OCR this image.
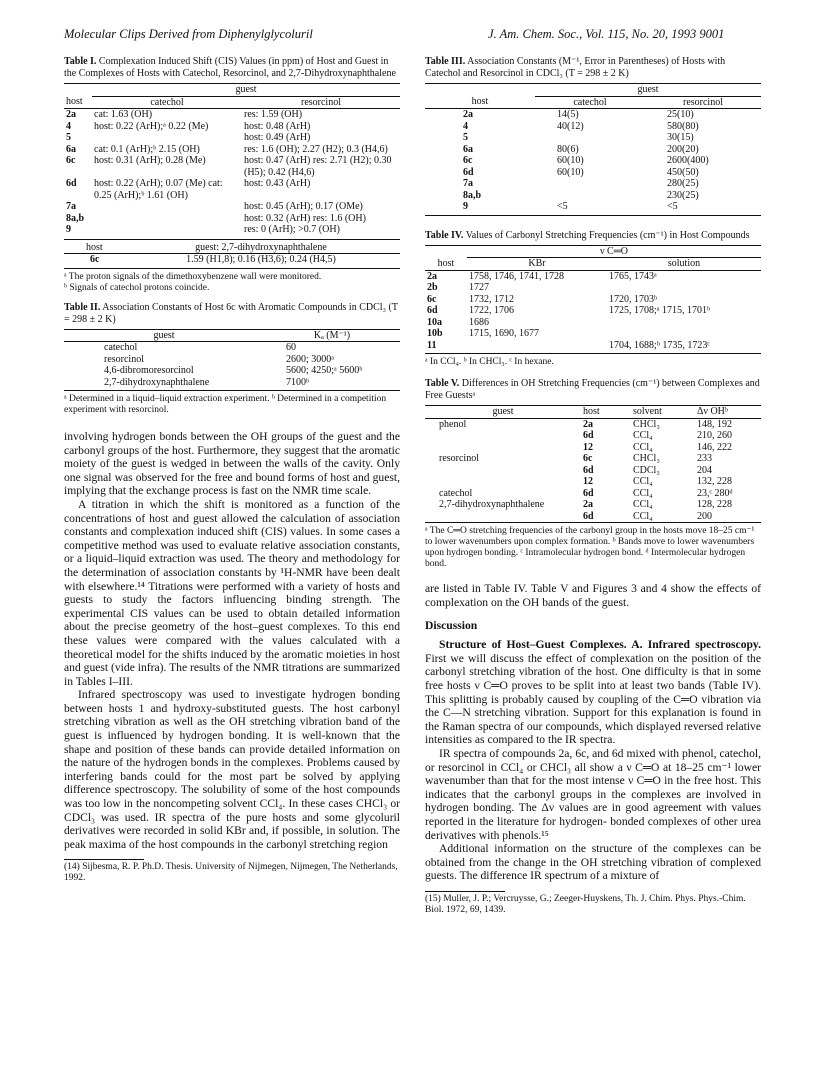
Molecular Clips Derived from Diphenylglycoluril	J. Am. Chem. Soc., Vol. 115, No. 20, 1993 9001
Table I. Complexation Induced Shift (CIS) Values (in ppm) of Host and Guest in the Complexes of Hosts with Catechol, Resorcinol, and 2,7-Dihydroxynaphthalene
	guest	
host	catechol	resorcinol
2a	cat: 1.63 (OH)	res: 1.59 (OH)
4	host: 0.22 (ArH);ᵃ 0.22 (Me)	host: 0.48 (ArH)
5		host: 0.49 (ArH)
6a	cat: 0.1 (ArH);ᵇ 2.15 (OH)	res: 1.6 (OH); 2.27 (H2); 0.3 (H4,6)
6c	host: 0.31 (ArH); 0.28 (Me)	host: 0.47 (ArH) res: 2.71 (H2); 0.30 (H5); 0.42 (H4,6)
6d	host: 0.22 (ArH); 0.07 (Me) cat: 0.25 (ArH);ᵇ 1.61 (OH)	host: 0.43 (ArH)
7a		host: 0.45 (ArH); 0.17 (OMe)
8a,b		host: 0.32 (ArH) res: 1.6 (OH)
9		res: 0 (ArH); >0.7 (OH)
host	guest: 2,7-dihydroxynaphthalene
6c	1.59 (H1,8); 0.16 (H3,6); 0.24 (H4,5)
ᵃ The proton signals of the dimethoxybenzene wall were monitored.
ᵇ Signals of catechol protons coincide.
Table II. Association Constants of Host 6c with Aromatic Compounds in CDCl₃ (T = 298 ± 2 K)
guest	Kₐ (M⁻¹)
catechol	60
resorcinol	2600; 3000ᵃ
4,6-dibromoresorcinol	5600; 4250;ᵃ 5600ᵇ
2,7-dihydroxynaphthalene	7100ᵇ
ᵃ Determined in a liquid–liquid extraction experiment. ᵇ Determined in a competition experiment with resorcinol.

involving hydrogen bonds between the OH groups of the guest and the carbonyl groups of the host. Furthermore, they suggest that the aromatic moiety of the guest is wedged in between the walls of the cavity. Only one signal was observed for the free and bound forms of host and guest, implying that the exchange process is fast on the NMR time scale.

A titration in which the shift is monitored as a function of the concentrations of host and guest allowed the calculation of association constants and complexation induced shift (CIS) values. In some cases a competitive method was used to evaluate relative association constants, or a liquid–liquid extraction was used. The theory and methodology for the determination of association constants by ¹H-NMR have been dealt with elsewhere.¹⁴ Titrations were performed with a variety of hosts and guests to study the factors influencing binding strength. The experimental CIS values can be used to obtain detailed information about the precise geometry of the host–guest complexes. To this end these values were compared with the values calculated with a theoretical model for the shifts induced by the aromatic moieties in host and guest (vide infra). The results of the NMR titrations are summarized in Tables I–III.

Infrared spectroscopy was used to investigate hydrogen bonding between hosts 1 and hydroxy-substituted guests. The host carbonyl stretching vibration as well as the OH stretching vibration band of the guest is influenced by hydrogen bonding. It is well-known that the shape and position of these bands can provide detailed information on the nature of the hydrogen bonds in the complexes. Problems caused by interfering bands could for the most part be solved by applying difference spectroscopy. The solubility of some of the host compounds was too low in the noncompeting solvent CCl₄. In these cases CHCl₃ or CDCl₃ was used. IR spectra of the pure hosts and some glycoluril derivatives were recorded in solid KBr and, if possible, in solution. The peak maxima of the host compounds in the carbonyl stretching region

(14) Sijbesma, R. P. Ph.D. Thesis. University of Nijmegen, Nijmegen, The Netherlands, 1992.
Table III. Association Constants (M⁻¹, Error in Parentheses) of Hosts with Catechol and Resorcinol in CDCl₃ (T = 298 ± 2 K)
	guest	
host	catechol	resorcinol
2a	14(5)	25(10)
4	40(12)	580(80)
5		30(15)
6a	80(6)	200(20)
6c	60(10)	2600(400)
6d	60(10)	450(50)
7a		280(25)
8a,b		230(25)
9	<5	<5
Table IV. Values of Carbonyl Stretching Frequencies (cm⁻¹) in Host Compounds
	ν C═O	
host	KBr	solution
2a	1758, 1746, 1741, 1728	1765, 1743ᵃ
2b	1727	
6c	1732, 1712	1720, 1703ᵇ
6d	1722, 1706	1725, 1708;ᵃ 1715, 1701ᵇ
10a	1686	
10b	1715, 1690, 1677	
11		1704, 1688;ᵇ 1735, 1723ᶜ
ᵃ In CCl₄. ᵇ In CHCl₃. ᶜ In hexane.
Table V. Differences in OH Stretching Frequencies (cm⁻¹) between Complexes and Free Guestsᵃ
guest	host	solvent	Δν OHᵇ
phenol	2a	CHCl₃	148, 192
	6d	CCl₄	210, 260
	12	CCl₄	146, 222
resorcinol	6c	CHCl₃	233
	6d	CDCl₃	204
	12	CCl₄	132, 228
catechol	6d	CCl₄	23,ᶜ 280ᵈ
2,7-dihydroxynaphthalene	2a	CCl₄	128, 228
	6d	CCl₄	200
ᵃ The C═O stretching frequencies of the carbonyl group in the hosts move 18–25 cm⁻¹ to lower wavenumbers upon complex formation. ᵇ Bands move to lower wavenumbers upon hydrogen bonding. ᶜ Intramolecular hydrogen bond. ᵈ Intermolecular hydrogen bond.

are listed in Table IV. Table V and Figures 3 and 4 show the effects of complexation on the OH bands of the guest.

Discussion

Structure of Host–Guest Complexes. A. Infrared spectroscopy. First we will discuss the effect of complexation on the position of the carbonyl stretching vibration of the host. One difficulty is that in some free hosts ν C═O proves to be split into at least two bands (Table IV). This splitting is probably caused by coupling of the C═O vibration via the C—N stretching vibration. Support for this explanation is found in the Raman spectra of our compounds, which displayed reversed relative intensities as compared to the IR spectra.

IR spectra of compounds 2a, 6c, and 6d mixed with phenol, catechol, or resorcinol in CCl₄ or CHCl₃ all show a ν C═O at 18–25 cm⁻¹ lower wavenumber than that for the most intense ν C═O in the free host. This indicates that the carbonyl groups in the complexes are involved in hydrogen bonding. The Δν values are in good agreement with values reported in the literature for hydrogen- bonded complexes of other urea derivatives with phenols.¹⁵

Additional information on the structure of the complexes can be obtained from the change in the OH stretching vibration of complexed guests. The difference IR spectrum of a mixture of

(15) Muller, J. P.; Vercruysse, G.; Zeeger-Huyskens, Th. J. Chim. Phys. Phys.-Chim. Biol. 1972, 69, 1439.
